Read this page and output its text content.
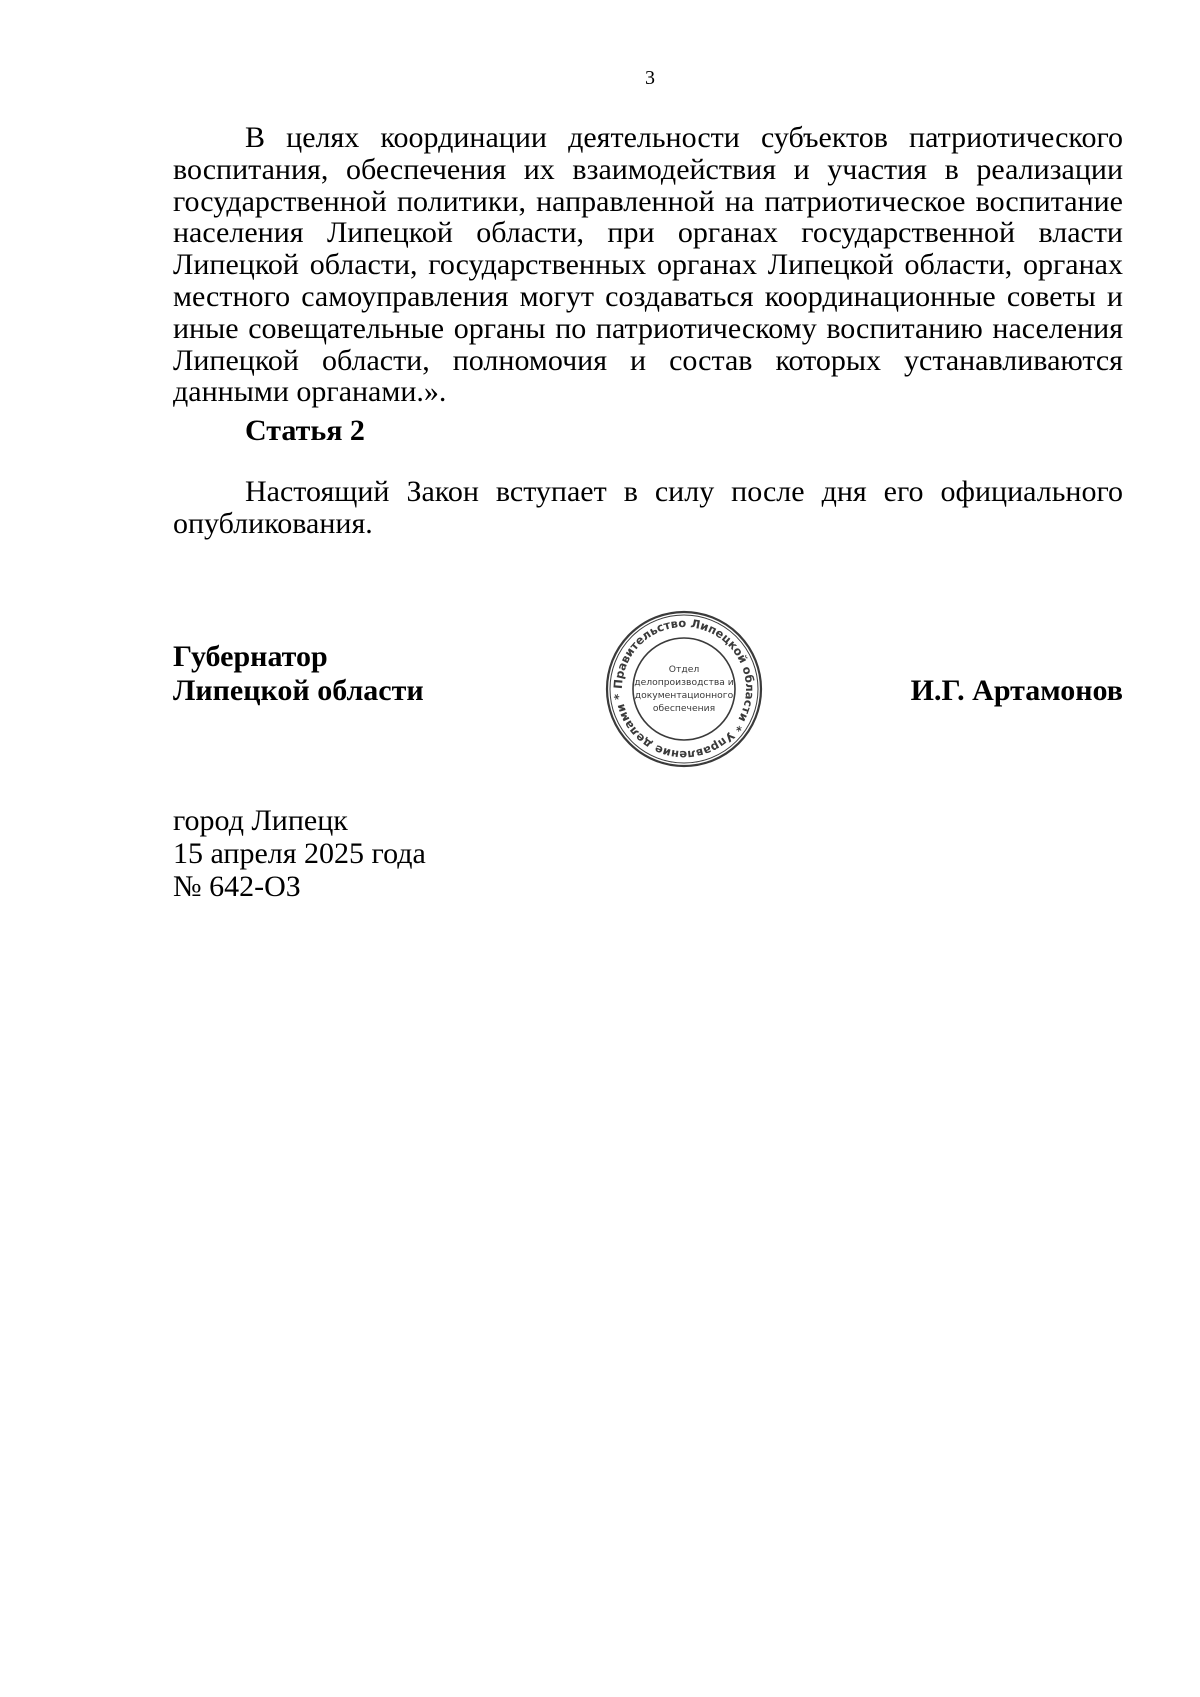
3

В целях координации деятельности субъектов патриотического воспитания, обеспечения их взаимодействия и участия в реализации государственной политики, направленной на патриотическое воспитание населения Липецкой области, при органах государственной власти Липецкой области, государственных органах Липецкой области, органах местного самоуправления могут создаваться координационные советы и иные совещательные органы по патриотическому воспитанию населения Липецкой области, полномочия и состав которых устанавливаются данными органами.».

Статья 2

Настоящий Закон вступает в силу после дня его официального опубликования.

Губернатор
Липецкой области	И.Г. Артамонов
Правительство Липецкой области * Управление делами *
Отдел
делопроизводства и
документационного
обеспечения
город Липецк
15 апреля 2025 года
№ 642-ОЗ
